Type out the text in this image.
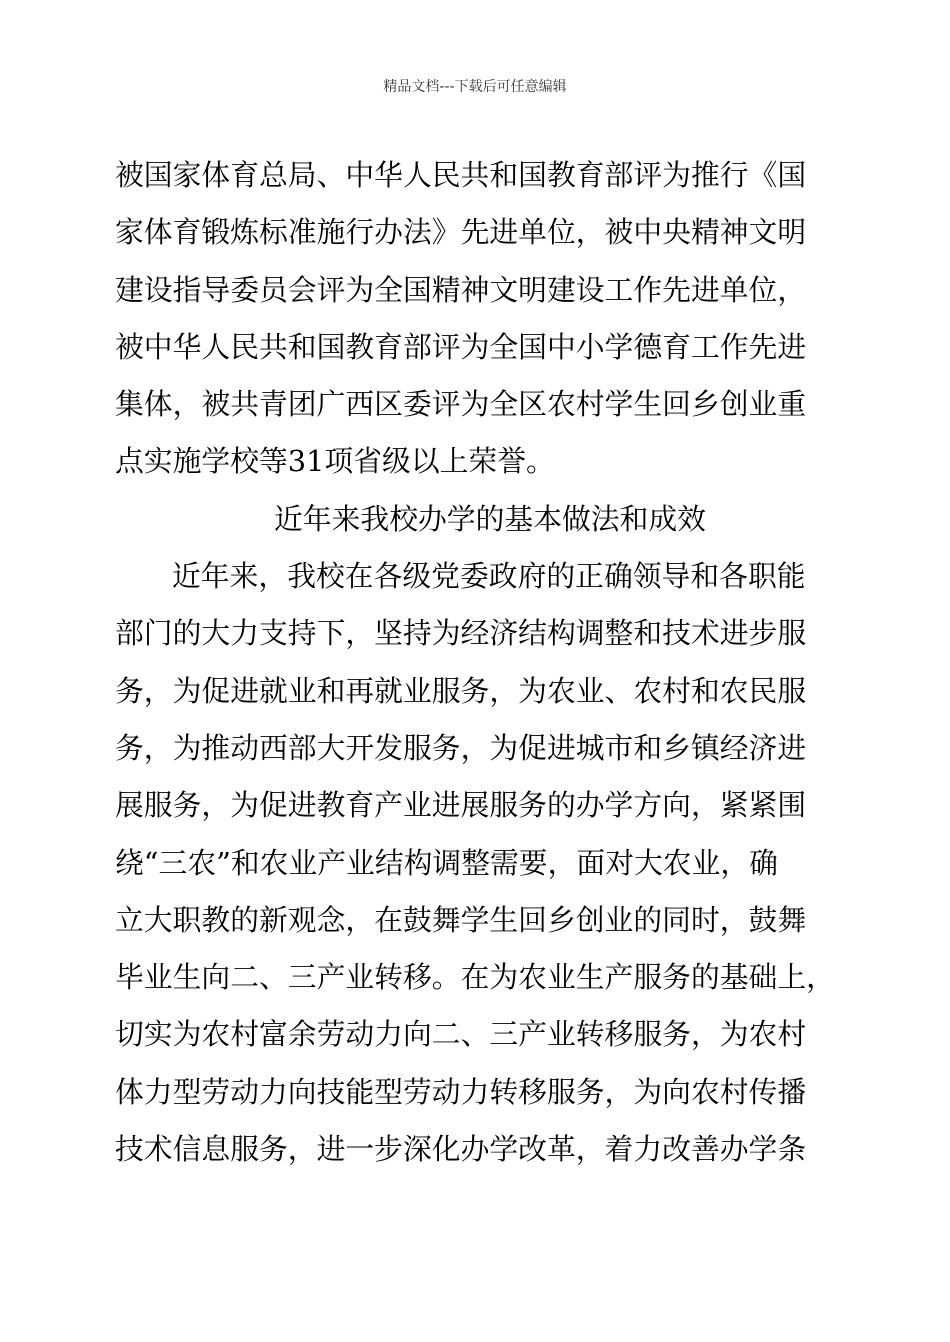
精品文档---下载后可任意编辑
被国家体育总局、中华人民共和国教育部评为推行《国
家体育锻炼标准施行办法》先进单位，被中央精神文明
建设指导委员会评为全国精神文明建设工作先进单位，
被中华人民共和国教育部评为全国中小学德育工作先进
集体，被共青团广西区委评为全区农村学生回乡创业重
点实施学校等31项省级以上荣誉。
近年来我校办学的基本做法和成效
近年来，我校在各级党委政府的正确领导和各职能
部门的大力支持下，坚持为经济结构调整和技术进步服
务，为促进就业和再就业服务，为农业、农村和农民服
务，为推动西部大开发服务，为促进城市和乡镇经济进
展服务，为促进教育产业进展服务的办学方向，紧紧围
绕“三农”和农业产业结构调整需要，面对大农业，确
立大职教的新观念，在鼓舞学生回乡创业的同时，鼓舞
毕业生向二、三产业转移。在为农业生产服务的基础上，
切实为农村富余劳动力向二、三产业转移服务，为农村
体力型劳动力向技能型劳动力转移服务，为向农村传播
技术信息服务，进一步深化办学改革，着力改善办学条
